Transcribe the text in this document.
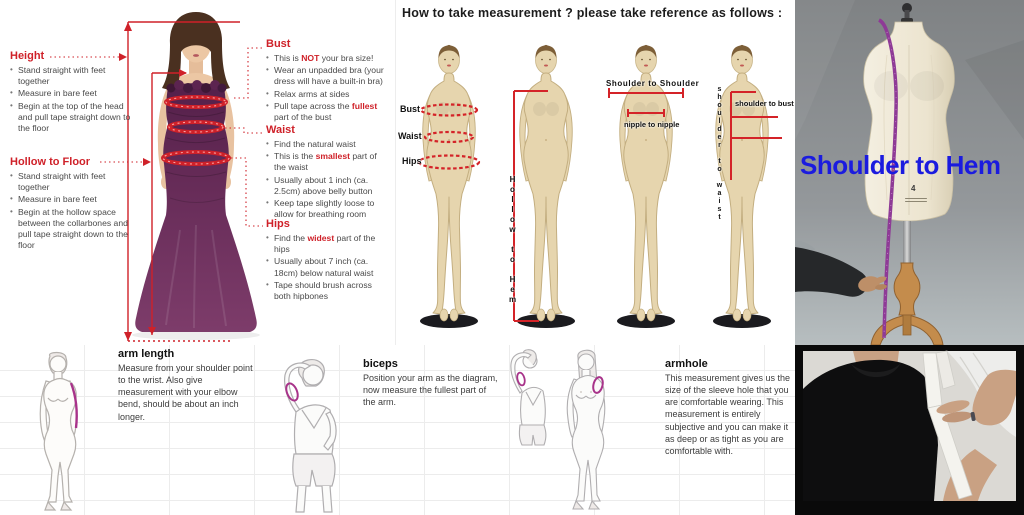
Height
• Stand straight with feet together
• Measure in bare feet
• Begin at the top of the head and pull tape straight down to the floor
Hollow to Floor
• Stand straight with feet together
• Measure in bare feet
• Begin at the hollow space between the collarbones and pull tape straight down to the floor
Bust
• This is NOT your bra size!
• Wear an unpadded bra (your dress will have a built-in bra)
• Relax arms at sides
• Pull tape across the fullest part of the bust
Waist
• Find the natural waist
• This is the smallest part of the waist
• Usually about 1 inch (ca. 2.5cm) above belly button
• Keep tape slightly loose to allow for breathing room
Hips
• Find the widest part of the hips
• Usually about 7 inch (ca. 18cm) below natural waist
• Tape should brush across both hipbones
How to take measurement ? please take reference as follows :
Bust
Waist
Hips
Hollow to Hem
Shoulder to Shoulder
nipple to nipple
shoulder to bust
shoulder to waist	Shoulder to Hem
4

arm length

Measure from your shoulder point to the wrist. Also give measurement with your elbow bend, should be about an inch longer.

biceps

Position your arm as the diagram, now measure the fullest part of the arm.

armhole

This measurement gives us the size of the sleeve hole that you are comfortable wearing. This measurement is entirely subjective and you can make it as deep or as tight as you are comfortable with.
